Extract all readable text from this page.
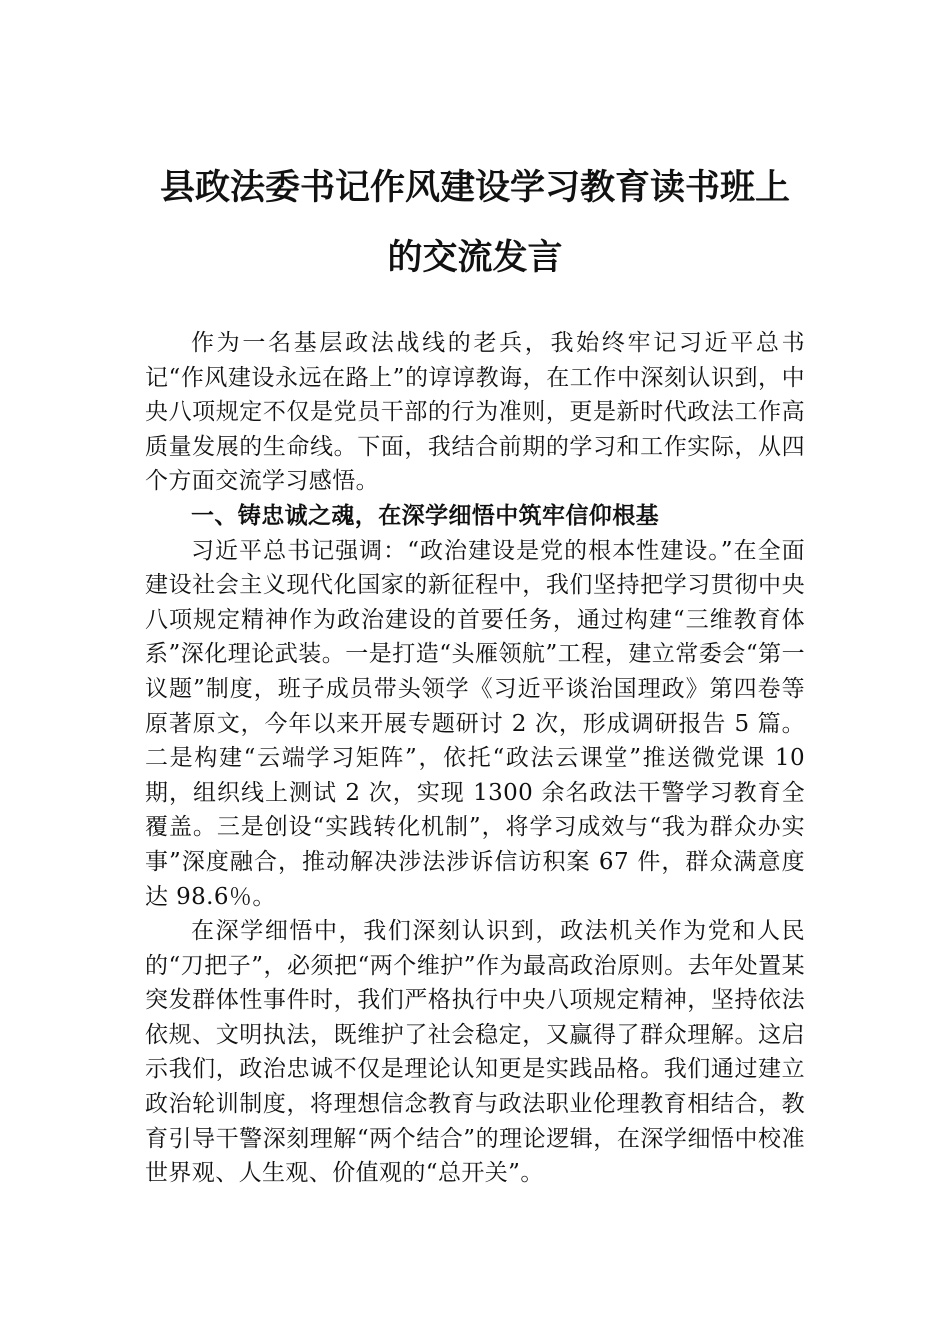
县政法委书记作风建设学习教育读书班上
的交流发言

作为一名基层政法战线的老兵，我始终牢记习近平总书记“作风建设永远在路上”的谆谆教诲，在工作中深刻认识到，中央八项规定不仅是党员干部的行为准则，更是新时代政法工作高质量发展的生命线。下面，我结合前期的学习和工作实际，从四个方面交流学习感悟。

一、铸忠诚之魂，在深学细悟中筑牢信仰根基

习近平总书记强调：“政治建设是党的根本性建设。”在全面建设社会主义现代化国家的新征程中，我们坚持把学习贯彻中央八项规定精神作为政治建设的首要任务，通过构建“三维教育体系”深化理论武装。一是打造“头雁领航”工程，建立常委会“第一议题”制度，班子成员带头领学《习近平谈治国理政》第四卷等原著原文，今年以来开展专题研讨 2 次，形成调研报告 5 篇。二是构建“云端学习矩阵”，依托“政法云课堂”推送微党课 10 期，组织线上测试 2 次，实现 1300 余名政法干警学习教育全覆盖。三是创设“实践转化机制”，将学习成效与“我为群众办实事”深度融合，推动解决涉法涉诉信访积案 67 件，群众满意度达 98.6％。

在深学细悟中，我们深刻认识到，政法机关作为党和人民的“刀把子”，必须把“两个维护”作为最高政治原则。去年处置某突发群体性事件时，我们严格执行中央八项规定精神，坚持依法依规、文明执法，既维护了社会稳定，又赢得了群众理解。这启示我们，政治忠诚不仅是理论认知更是实践品格。我们通过建立政治轮训制度，将理想信念教育与政法职业伦理教育相结合，教育引导干警深刻理解“两个结合”的理论逻辑，在深学细悟中校准世界观、人生观、价值观的“总开关”。
